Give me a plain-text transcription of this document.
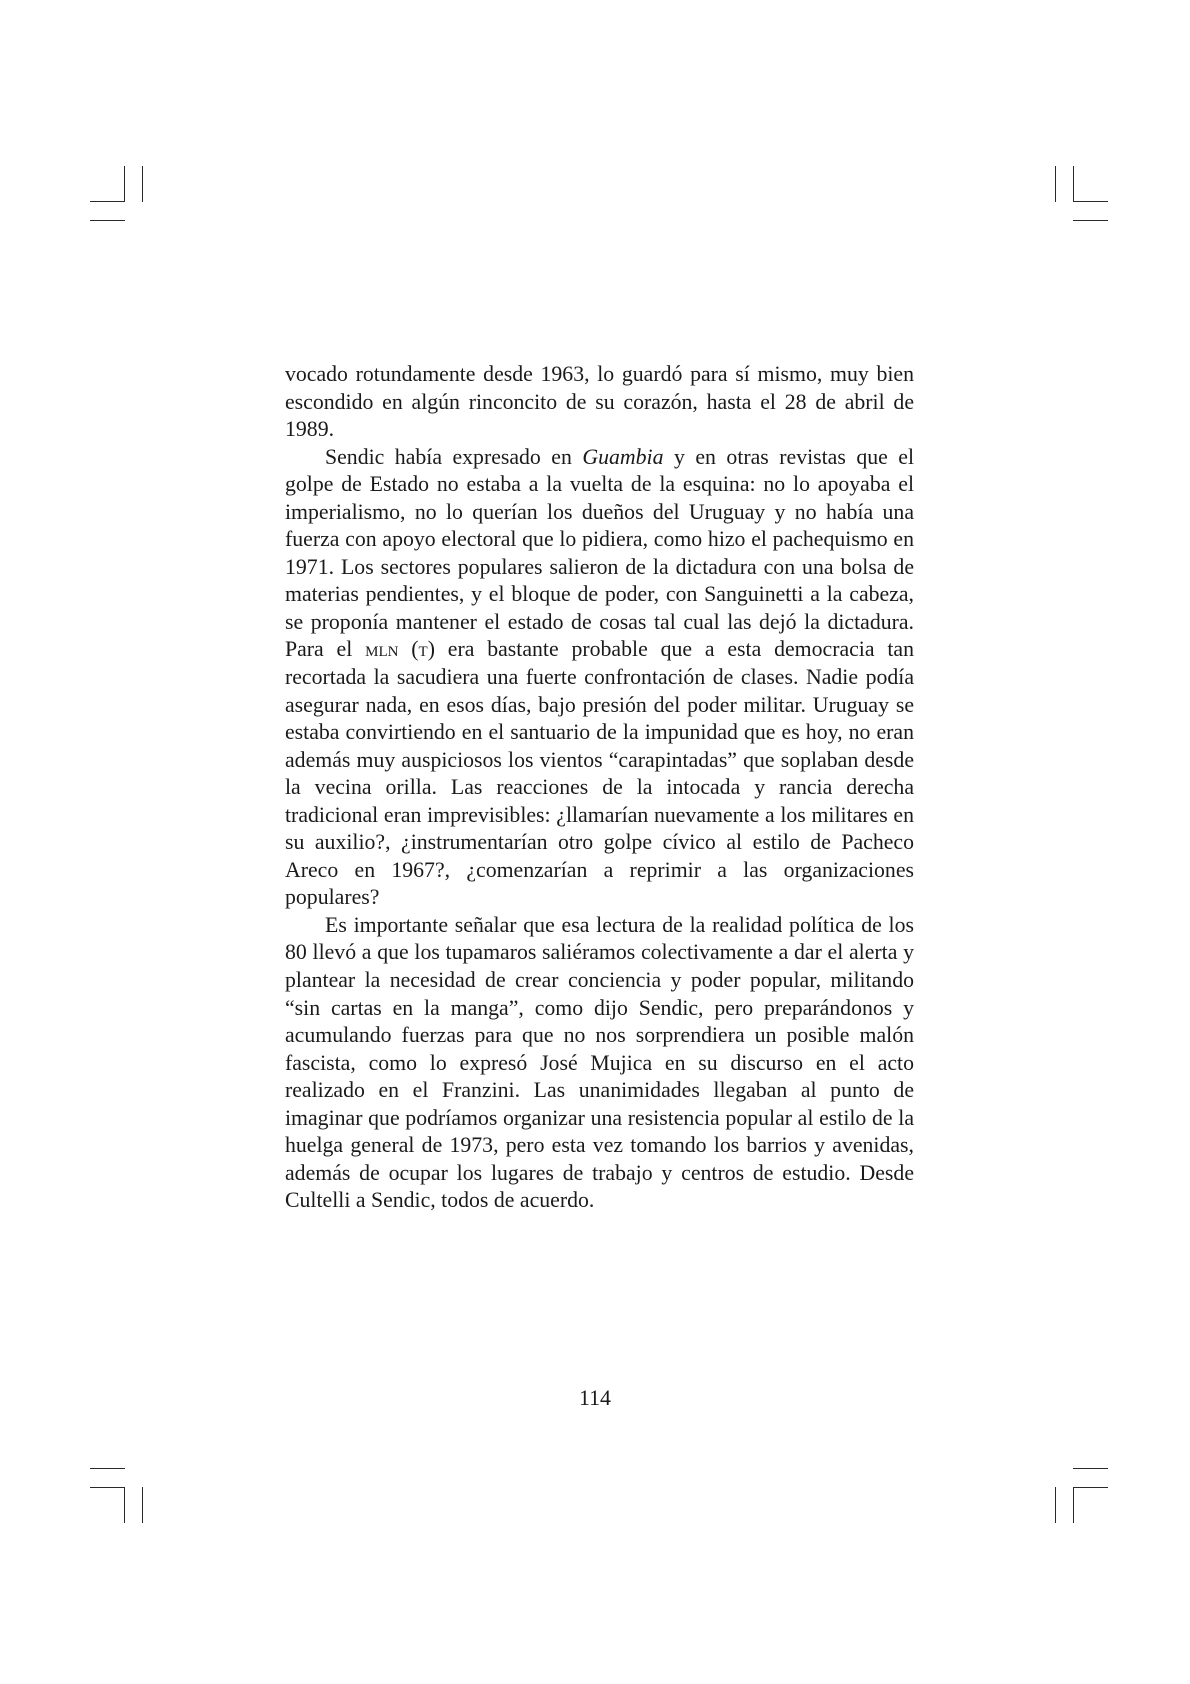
vocado rotundamente desde 1963, lo guardó para sí mismo, muy bien escondido en algún rinconcito de su corazón, hasta el 28 de abril de 1989.

Sendic había expresado en Guambia y en otras revistas que el golpe de Estado no estaba a la vuelta de la esquina: no lo apoyaba el imperialismo, no lo querían los dueños del Uruguay y no había una fuerza con apoyo electoral que lo pidiera, como hizo el pachequismo en 1971. Los sectores populares salieron de la dictadura con una bolsa de materias pendientes, y el bloque de poder, con Sanguinetti a la cabeza, se proponía mantener el estado de cosas tal cual las dejó la dictadura. Para el mln (t) era bastante probable que a esta democracia tan recortada la sacudiera una fuerte confrontación de clases. Nadie podía asegurar nada, en esos días, bajo presión del poder militar. Uruguay se estaba convirtiendo en el santuario de la impunidad que es hoy, no eran además muy auspiciosos los vientos “carapintadas” que soplaban desde la vecina orilla. Las reacciones de la intocada y rancia derecha tradicional eran imprevisibles: ¿llamarían nuevamente a los militares en su auxilio?, ¿instrumentarían otro golpe cívico al estilo de Pacheco Areco en 1967?, ¿comenzarían a reprimir a las organizaciones populares?

Es importante señalar que esa lectura de la realidad política de los 80 llevó a que los tupamaros saliéramos colectivamente a dar el alerta y plantear la necesidad de crear conciencia y poder popular, militando “sin cartas en la manga”, como dijo Sendic, pero preparándonos y acumulando fuerzas para que no nos sorprendiera un posible malón fascista, como lo expresó José Mujica en su discurso en el acto realizado en el Franzini. Las unanimidades llegaban al punto de imaginar que podríamos organizar una resistencia popular al estilo de la huelga general de 1973, pero esta vez tomando los barrios y avenidas, además de ocupar los lugares de trabajo y centros de estudio. Desde Cultelli a Sendic, todos de acuerdo.

114
